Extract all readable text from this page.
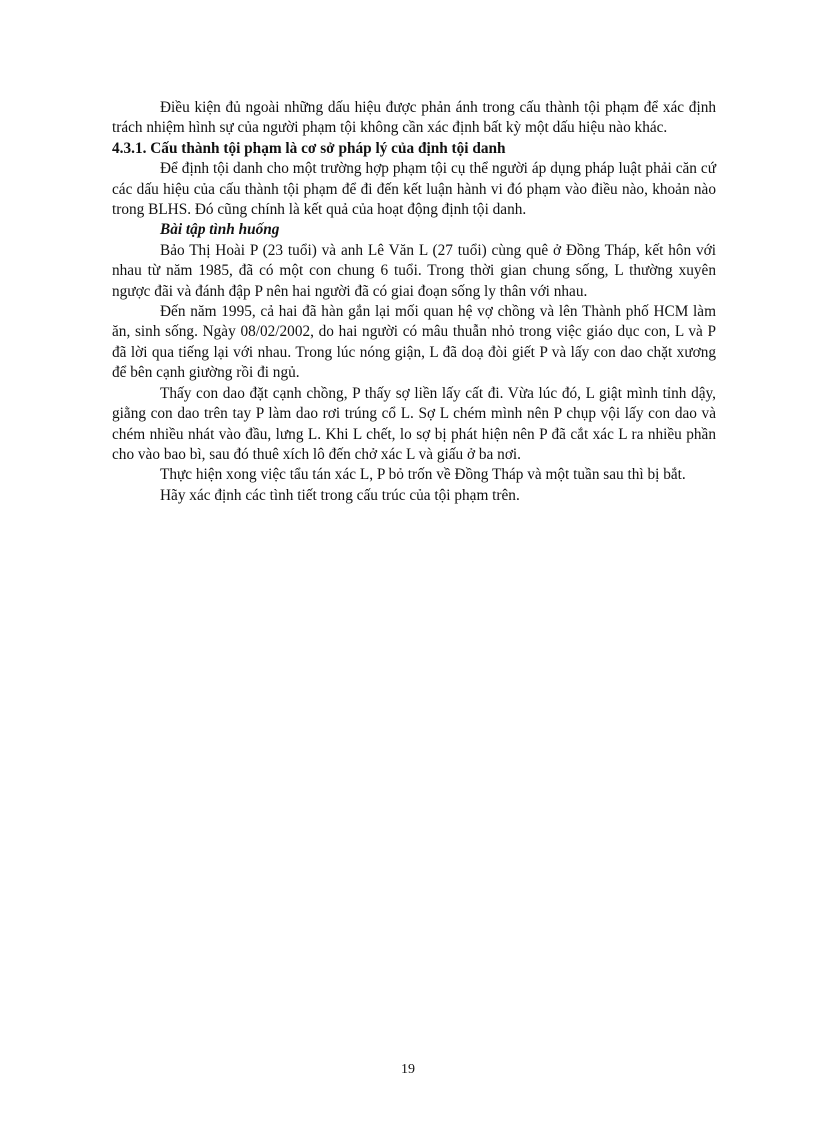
Điều kiện đủ ngoài những dấu hiệu được phản ánh trong cấu thành tội phạm để xác định trách nhiệm hình sự của người phạm tội không cần xác định bất kỳ một dấu hiệu nào khác.

4.3.1. Cấu thành tội phạm là cơ sở pháp lý của định tội danh

Để định tội danh cho một trường hợp phạm tội cụ thể người áp dụng pháp luật phải căn cứ các dấu hiệu của cấu thành tội phạm để đi đến kết luận hành vi đó phạm vào điều nào, khoản nào trong BLHS. Đó cũng chính là kết quả của hoạt động định tội danh.

Bài tập tình huống

Bảo Thị Hoài P (23 tuổi) và anh Lê Văn L (27 tuổi) cùng quê ở Đồng Tháp, kết hôn với nhau từ năm 1985, đã có một con chung 6 tuổi. Trong thời gian chung sống, L thường xuyên ngược đãi và đánh đập P nên hai người đã có giai đoạn sống ly thân với nhau.

Đến năm 1995, cả hai đã hàn gắn lại mối quan hệ vợ chồng và lên Thành phố HCM làm ăn, sinh sống. Ngày 08/02/2002, do hai người có mâu thuẫn nhỏ trong việc giáo dục con, L và P đã lời qua tiếng lại với nhau. Trong lúc nóng giận, L đã doạ đòi giết P và lấy con dao chặt xương để bên cạnh giường rồi đi ngủ.

Thấy con dao đặt cạnh chồng, P thấy sợ liền lấy cất đi. Vừa lúc đó, L giật mình tỉnh dậy, giằng con dao trên tay P làm dao rơi trúng cổ L. Sợ L chém mình nên P chụp vội lấy con dao và chém nhiều nhát vào đầu, lưng L. Khi L chết, lo sợ bị phát hiện nên P đã cắt xác L ra nhiều phần cho vào bao bì, sau đó thuê xích lô đến chở xác L và giấu ở ba nơi.

Thực hiện xong việc tẩu tán xác L, P bỏ trốn về Đồng Tháp và một tuần sau thì bị bắt.

Hãy xác định các tình tiết trong cấu trúc của tội phạm trên.

19
